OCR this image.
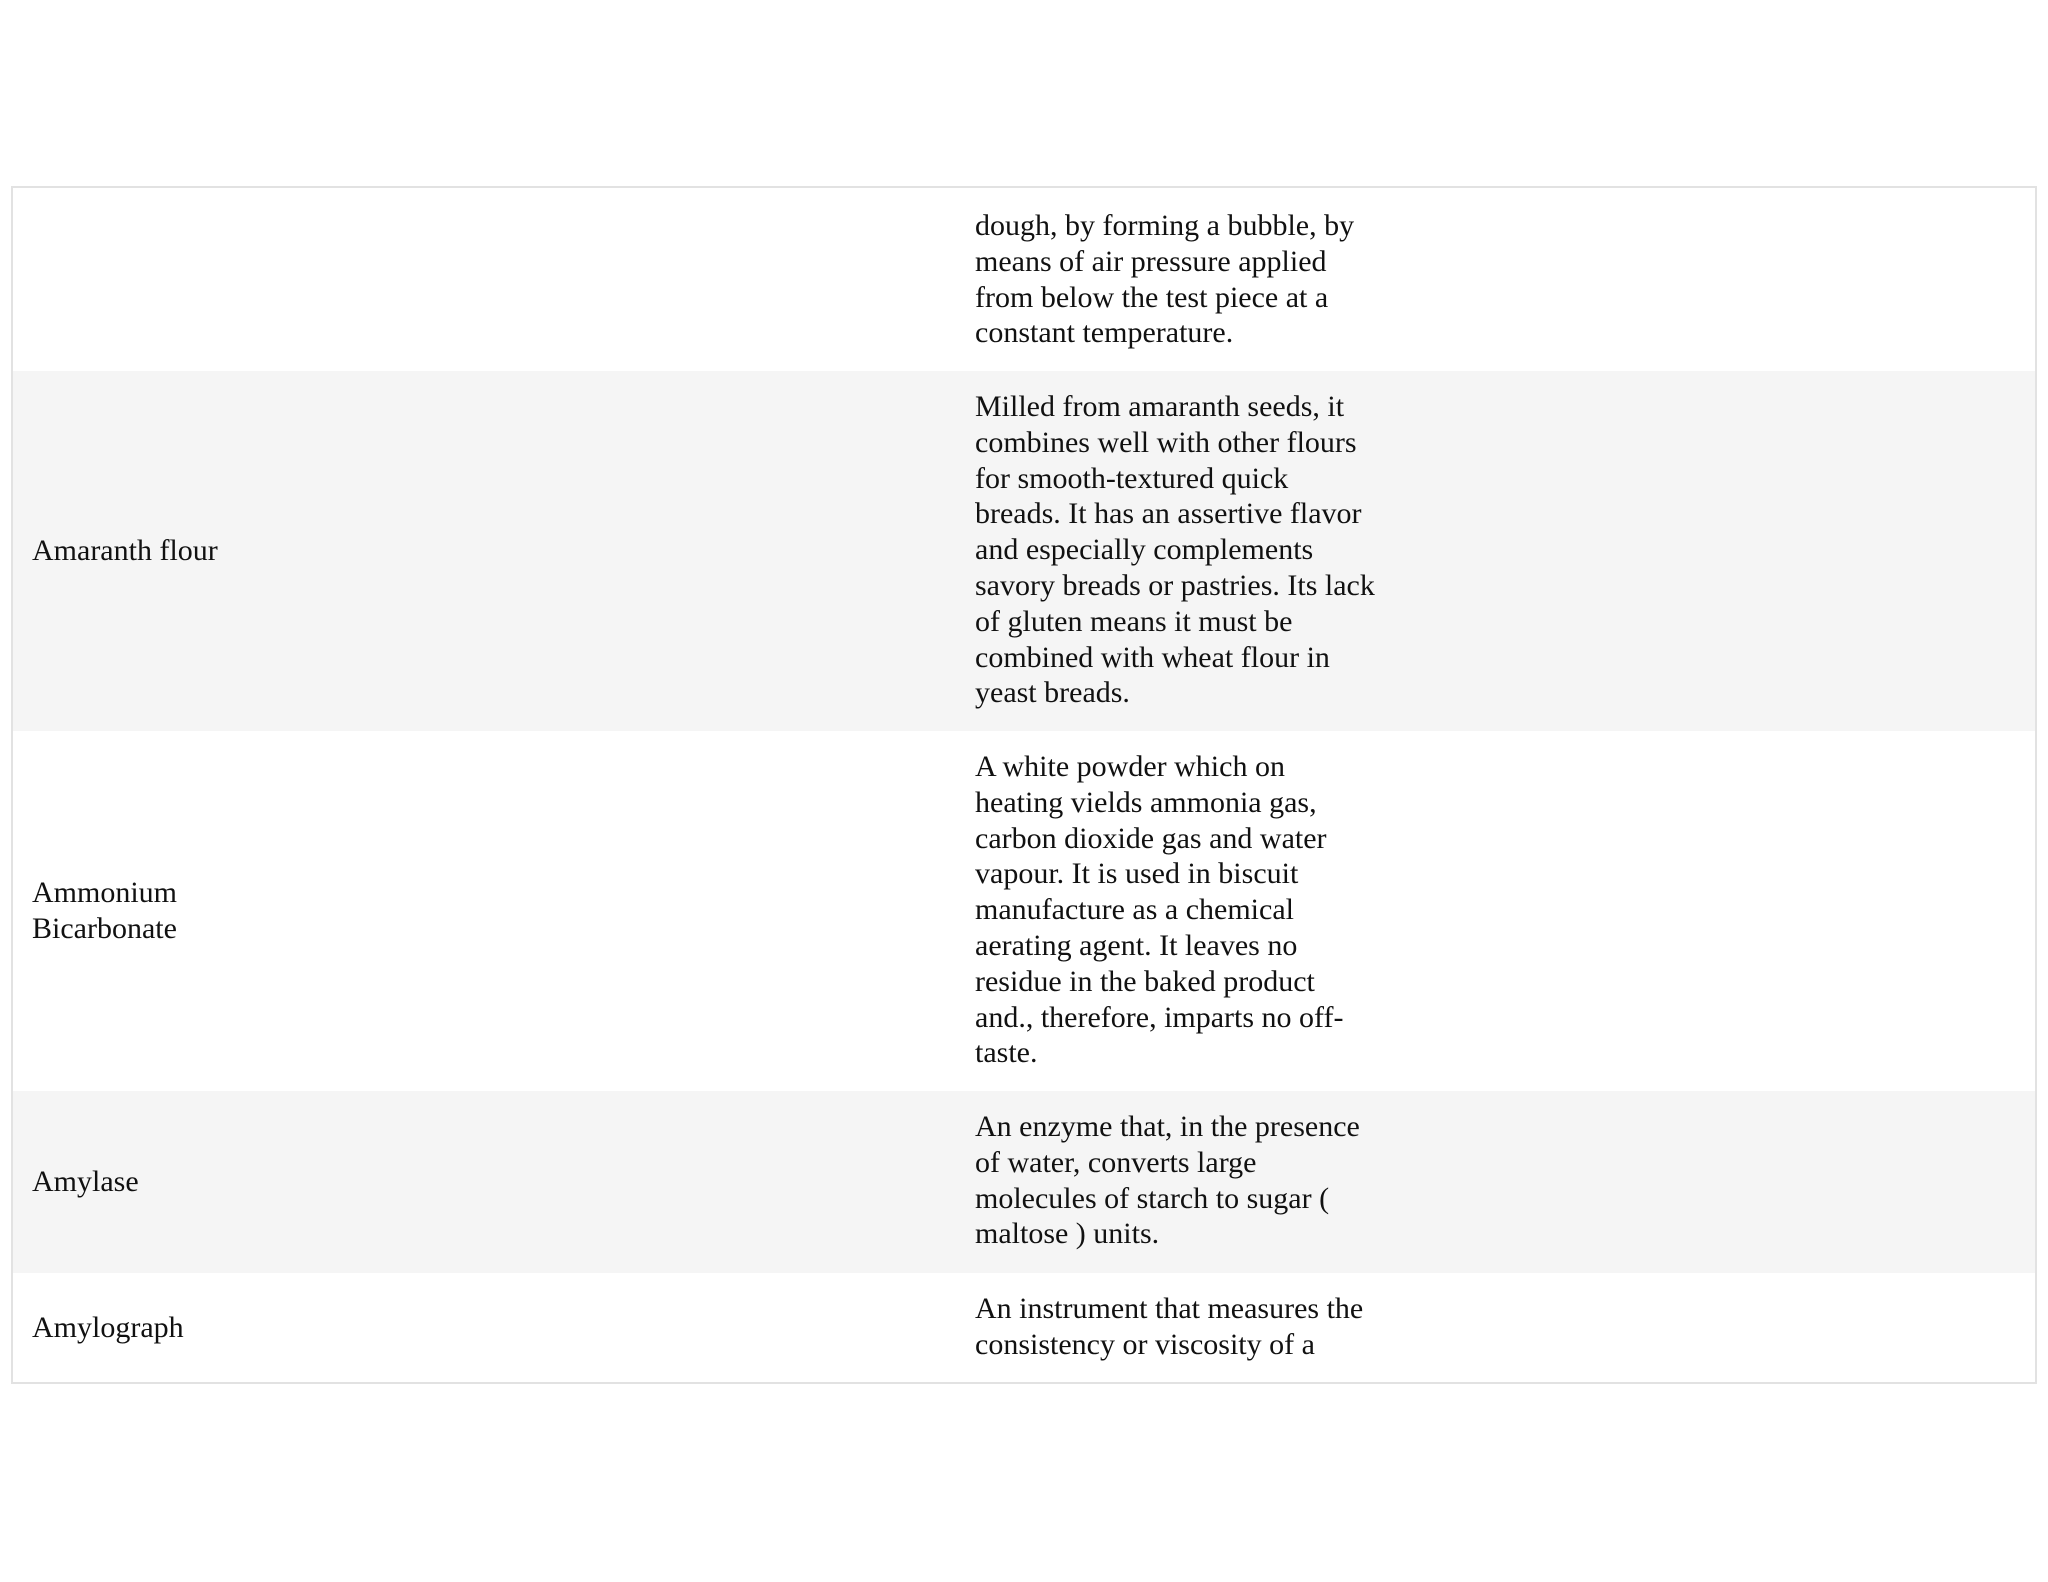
dough, by forming a bubble, by
means of air pressure applied
from below the test piece at a
constant temperature.
Amaranth flour
Milled from amaranth seeds, it
combines well with other flours
for smooth-textured quick
breads. It has an assertive flavor
and especially complements
savory breads or pastries. Its lack
of gluten means it must be
combined with wheat flour in
yeast breads.
Ammonium
Bicarbonate
A white powder which on
heating vields ammonia gas,
carbon dioxide gas and water
vapour. It is used in biscuit
manufacture as a chemical
aerating agent. It leaves no
residue in the baked product
and., therefore, imparts no off-
taste.
Amylase
An enzyme that, in the presence
of water, converts large
molecules of starch to sugar (
maltose ) units.
Amylograph
An instrument that measures the
consistency or viscosity of a
